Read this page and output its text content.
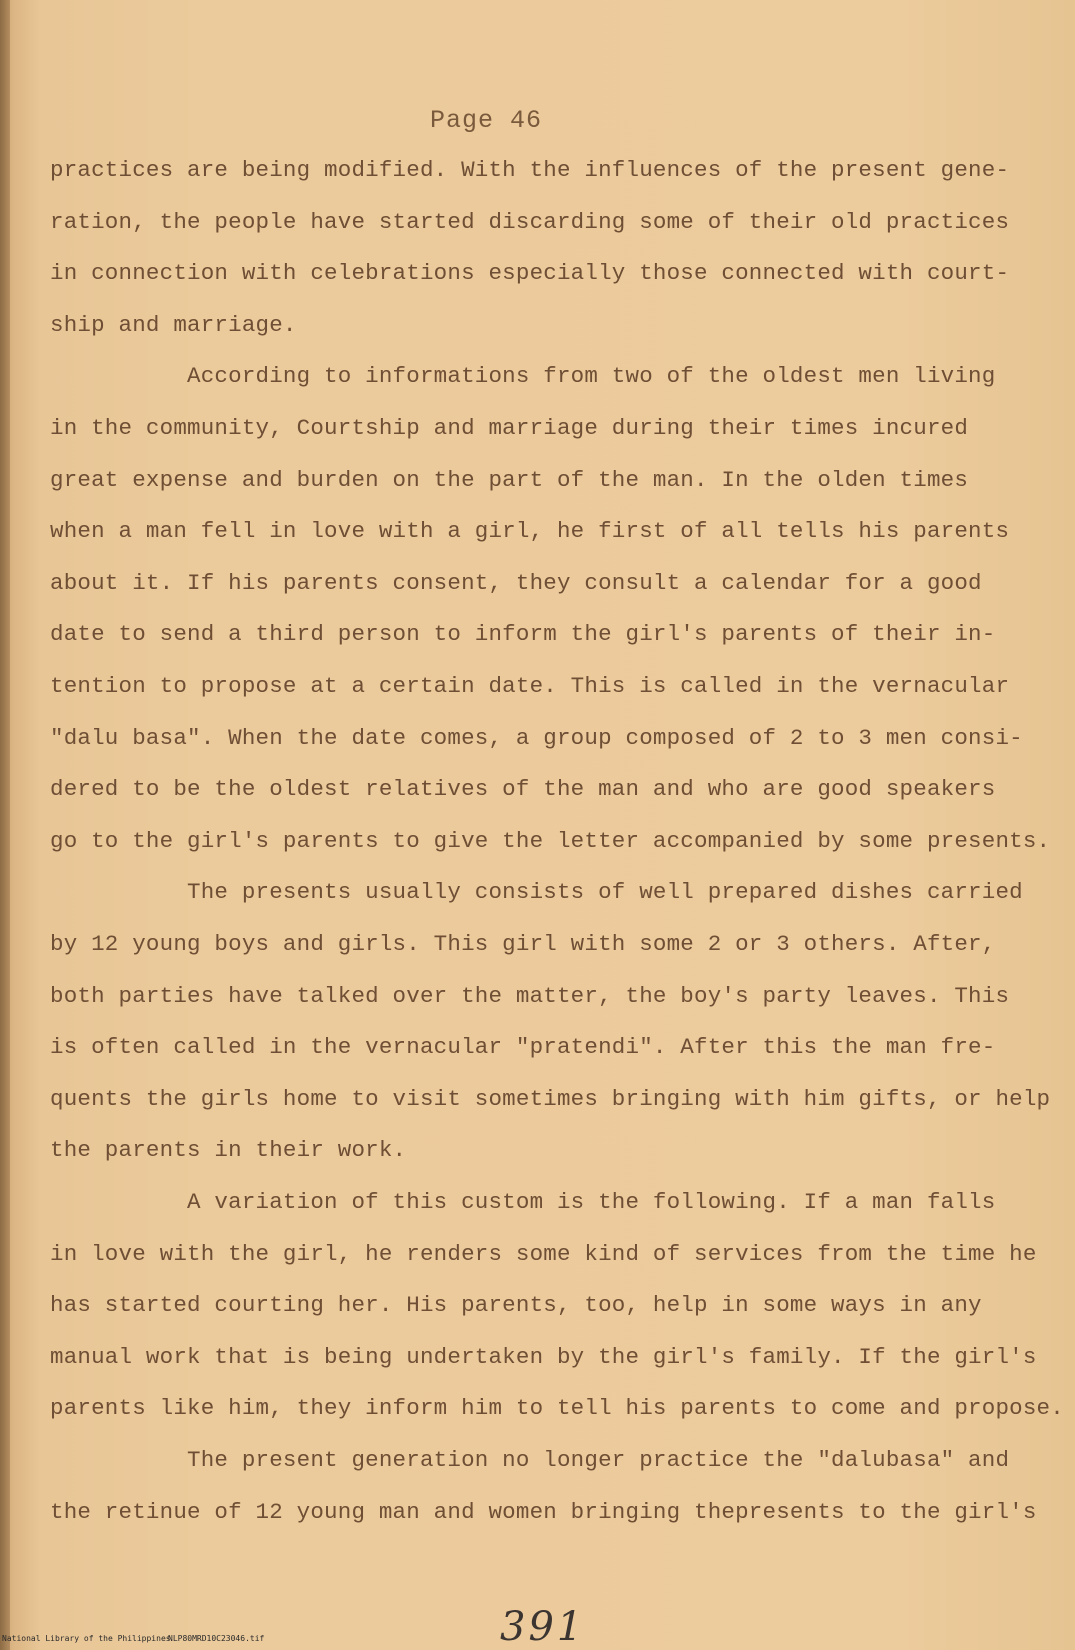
Page 46
practices are being modified. With the influences of the present gene-
ration, the people have started discarding some of their old practices
in connection with celebrations especially those connected with court-
ship and marriage.
According to informations from two of the oldest men living
in the community, Courtship and marriage during their times incured
great expense and burden on the part of the man. In the olden times
when a man fell in love with a girl, he first of all tells his parents
about it. If his parents consent, they consult a calendar for a good
date to send a third person to inform the girl's parents of their in-
tention to propose at a certain date. This is called in the vernacular
"dalu basa". When the date comes, a group composed of 2 to 3 men consi-
dered to be the oldest relatives of the man and who are good speakers
go to the girl's parents to give the letter accompanied by some presents.
The presents usually consists of well prepared dishes carried
by 12 young boys and girls. This girl with some 2 or 3 others. After,
both parties have talked over the matter, the boy's party leaves. This
is often called in the vernacular "pratendi". After this the man fre-
quents the girls home to visit sometimes bringing with him gifts, or help
the parents in their work.
A variation of this custom is the following. If a man falls
in love with the girl, he renders some kind of services from the time he
has started courting her. His parents, too, help in some ways in any
manual work that is being undertaken by the girl's family. If the girl's
parents like him, they inform him to tell his parents to come and propose.
The present generation no longer practice the "dalubasa" and
the retinue of 12 young man and women bringing thepresents to the girl's
National Library of the Philippines
NLP80MRD10C23046.tif	391
